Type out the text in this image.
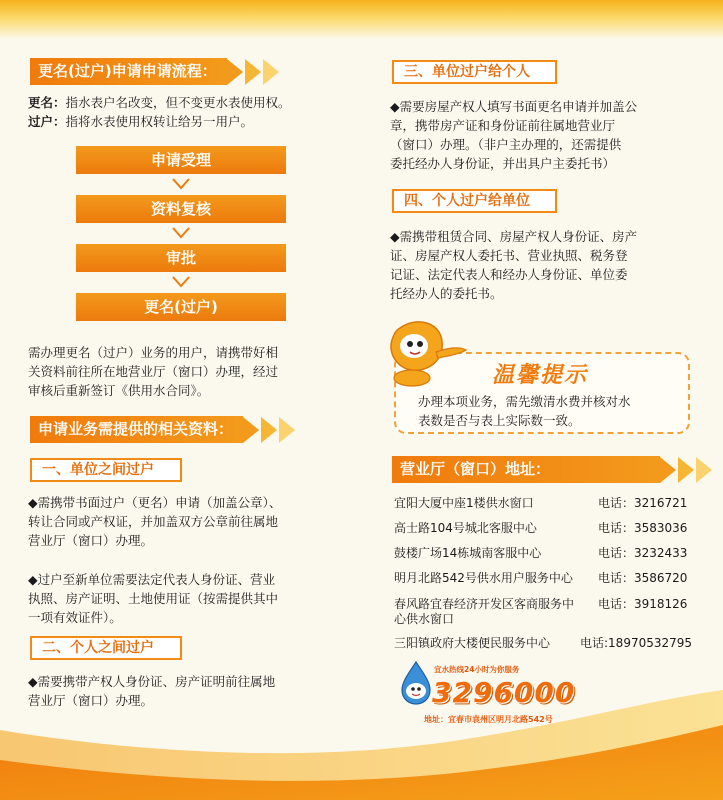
更名(过户)申请申请流程：
更名：指水表户名改变，但不变更水表使用权。
过户：指将水表使用权转让给另一用户。
申请受理
资料复核
审批
更名(过户)
需办理更名（过户）业务的用户，请携带好相
关资料前往所在地营业厅（窗口）办理，经过
审核后重新签订《供用水合同》。
申请业务需提供的相关资料：
一、单位之间过户
◆需携带书面过户（更名）申请（加盖公章）、
转让合同或产权证，并加盖双方公章前往属地
营业厅（窗口）办理。
◆过户至新单位需要法定代表人身份证、营业
执照、房产证明、土地使用证（按需提供其中
一项有效证件）。
二、个人之间过户
◆需要携带产权人身份证、房产证明前往属地
营业厅（窗口）办理。
三、单位过户给个人
◆需要房屋产权人填写书面更名申请并加盖公
章，携带房产证和身份证前往属地营业厅
（窗口）办理。（非户主办理的，还需提供
委托经办人身份证，并出具户主委托书）
四、个人过户给单位
◆需携带租赁合同、房屋产权人身份证、房产
证、房屋产权人委托书、营业执照、税务登
记证、法定代表人和经办人身份证、单位委
托经办人的委托书。
温馨提示
办理本项业务，需先缴清水费并核对水
表数是否与表上实际数一致。
营业厅（窗口）地址：
宜阳大厦中座1楼供水窗口	电话：3216721
高士路104号城北客服中心	电话：3583036
鼓楼广场14栋城南客服中心	电话：3232433
明月北路542号供水用户服务中心	电话：3586720
春风路宜春经济开发区客商服务中心供水窗口
电话：3918126
三阳镇政府大楼便民服务中心	电话:18970532795
宜水热线24小时为你服务
3296000
地址：宜春市袁州区明月北路542号
